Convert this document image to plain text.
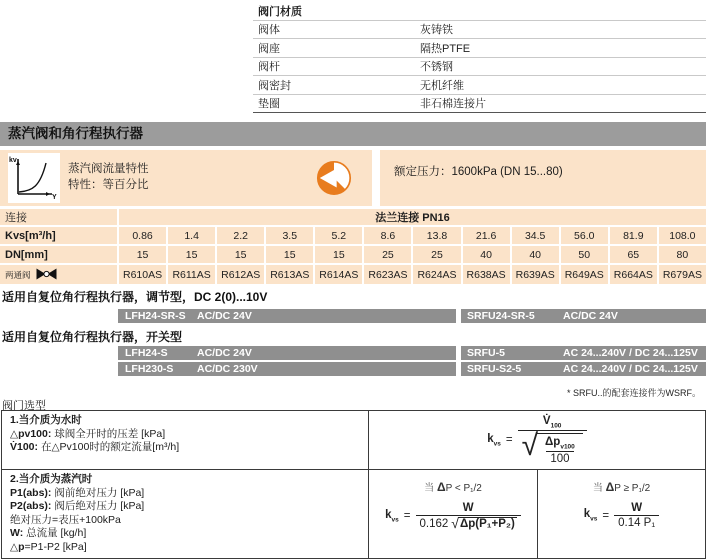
阀门材质
阀体	灰铸铁
阀座	隔热PTFE
阀杆	不锈钢
阀密封	无机纤维
垫圈	非石棉连接片
蒸汽阀和角行程执行器
kv
Y
蒸汽阀流量特性
特性：等百分比
额定压力：1600kPa (DN 15...80)
连接	法兰连接 PN16
Kvs[m³/h]	0.86	1.4	2.2	3.5	5.2	8.6	13.8	21.6	34.5	56.0	81.9	108.0
DN[mm]	15	15	15	15	15	25	25	40	40	50	65	80
两通阀	R610AS R611AS R612AS R613AS R614AS R623AS R624AS R638AS R639AS R649AS R664AS R679AS
适用自复位角行程执行器，调节型，DC 2(0)...10V
LFH24-SR-S	AC/DC 24V	SRFU24-SR-5	AC/DC 24V
适用自复位角行程执行器，开关型
LFH24-S	AC/DC 24V	SRFU-5	AC 24...240V / DC 24...125V
LFH230-S	AC/DC 230V	SRFU-S2-5	AC 24...240V / DC 24...125V
* SRFU..的配套连接件为WSRF。
阀门选型
1.当介质为水时
△pv100: 球阀全开时的压差 [kPa]
V̇100: 在△Pv100时的额定流量[m³/h]
$k_{vs}$ =
$V̇_{100}$
√ $\frac{\Delta p_{v100}}{100}$
2.当介质为蒸汽时
P1(abs): 阀前绝对压力 [kPa]
P2(abs): 阀后绝对压力 [kPa]
绝对压力=表压+100kPa
W: 总流量 [kg/h]
△p=P1-P2 [kPa]
当 ΔP < P₁/2
$k_{vs} = \frac{W}{\text{0.162 √ Δp(P₁+P₂)}}$
当 ΔP ≥ P₁/2
$k_{vs} = \frac{W}{\text{0.14 P₁}}$
